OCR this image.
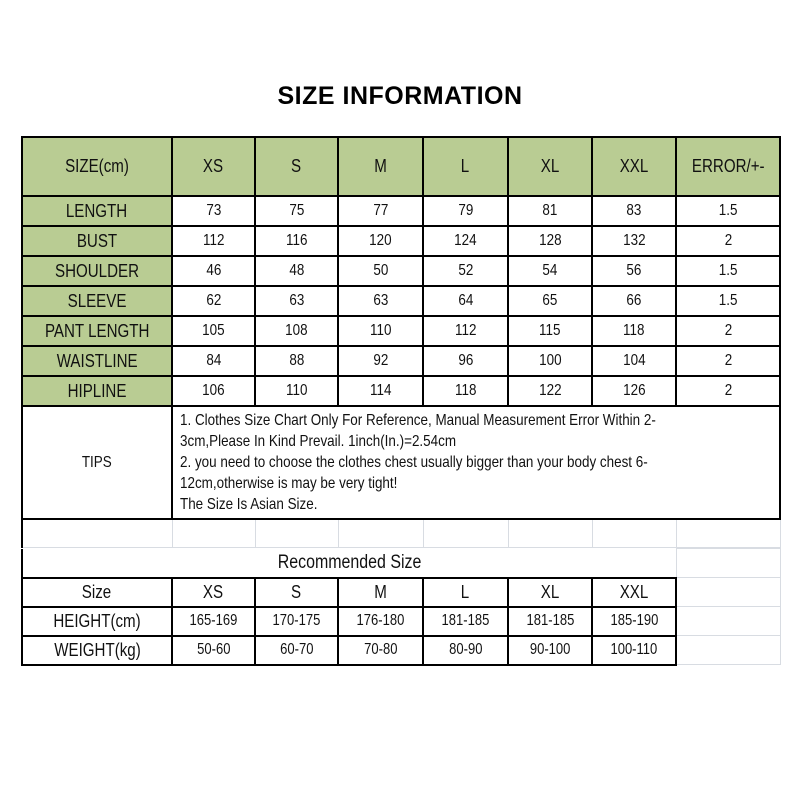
SIZE INFORMATION
SIZE(cm)	XS	S	M	L	XL	XXL	ERROR/+-
LENGTH	73	75	77	79	81	83	1.5
BUST	112	116	120	124	128	132	2
SHOULDER	46	48	50	52	54	56	1.5
SLEEVE	62	63	63	64	65	66	1.5
PANT LENGTH	105	108	110	112	115	118	2
WAISTLINE	84	88	92	96	100	104	2
HIPLINE	106	110	114	118	122	126	2
TIPS	1. Clothes Size Chart Only For Reference, Manual Measurement Error Within 2-
3cm,Please In Kind Prevail. 1inch(In.)=2.54cm
2. you need to choose the clothes chest usually bigger than your body chest 6-
12cm,otherwise is may be very tight!
The Size Is Asian Size.						

Recommended Size							
Size	XS	S	M	L	XL	XXL	
HEIGHT(cm)	165-169	170-175	176-180	181-185	181-185	185-190	
WEIGHT(kg)	50-60	60-70	70-80	80-90	90-100	100-110	
